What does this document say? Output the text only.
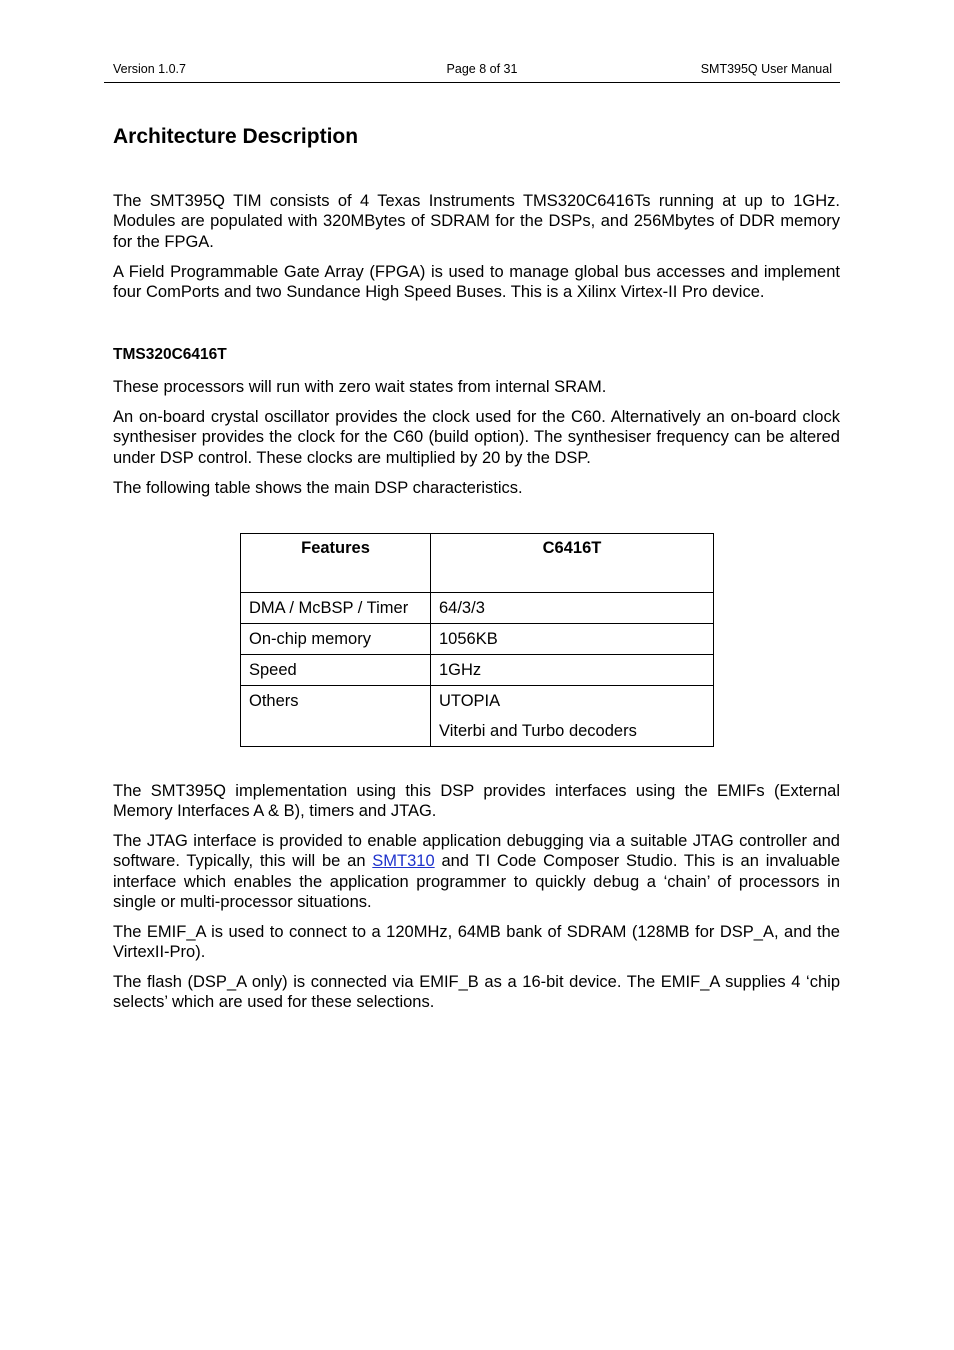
Version 1.0.7	Page 8 of 31	SMT395Q User Manual
Architecture Description

The SMT395Q TIM consists of 4 Texas Instruments TMS320C6416Ts running at up to 1GHz. Modules are populated with 320MBytes of SDRAM for the DSPs, and 256Mbytes of DDR memory for the FPGA.

A Field Programmable Gate Array (FPGA) is used to manage global bus accesses and implement four ComPorts and two Sundance High Speed Buses. This is a Xilinx Virtex-II Pro device.

TMS320C6416T

These processors will run with zero wait states from internal SRAM.

An on-board crystal oscillator provides the clock used for the C60. Alternatively an on-board clock synthesiser provides the clock for the C60 (build option). The synthesiser frequency can be altered under DSP control. These clocks are multiplied by 20 by the DSP.

The following table shows the main DSP characteristics.

Features	C6416T
DMA / McBSP / Timer	64/3/3
On-chip memory	1056KB
Speed	1GHz
Others	UTOPIA
Viterbi and Turbo decoders

The SMT395Q implementation using this DSP provides interfaces using the EMIFs (External Memory Interfaces A & B), timers and JTAG.

The JTAG interface is provided to enable application debugging via a suitable JTAG controller and software. Typically, this will be an SMT310 and TI Code Composer Studio. This is an invaluable interface which enables the application programmer to quickly debug a ‘chain’ of processors in single or multi-processor situations.

The EMIF_A is used to connect to a 120MHz, 64MB bank of SDRAM (128MB for DSP_A, and the VirtexII-Pro).

The flash (DSP_A only) is connected via EMIF_B as a 16-bit device. The EMIF_A supplies 4 ‘chip selects’ which are used for these selections.
